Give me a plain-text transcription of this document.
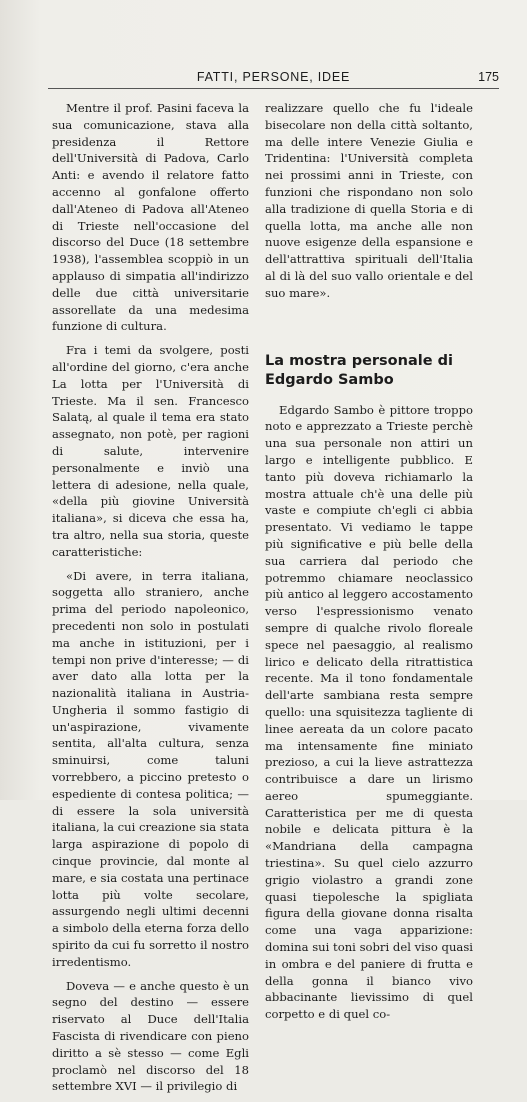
FATTI, PERSONE, IDEE	175

Mentre il prof. Pasini faceva la sua comunicazione, stava alla presidenza il Rettore dell'Università di Padova, Carlo Anti: e avendo il relatore fatto accenno al gonfalone offerto dall'Ateneo di Padova all'Ateneo di Trieste nell'occasione del discorso del Duce (18 settembre 1938), l'assemblea scoppiò in un applauso di simpatia all'indirizzo delle due città universitarie assorellate da una medesima funzione di cultura.

Fra i temi da svolgere, posti all'ordine del giorno, c'era anche La lotta per l'Università di Trieste. Ma il sen. Francesco Salatą, al quale il tema era stato assegnato, non potè, per ragioni di salute, intervenire personalmente e inviò una lettera di adesione, nella quale, «della più giovine Università italiana», si diceva che essa ha, tra altro, nella sua storia, queste caratteristiche:

«Di avere, in terra italiana, soggetta allo straniero, anche prima del periodo napoleonico, precedenti non solo in postulati ma anche in istituzioni, per i tempi non prive d'interesse; — di aver dato alla lotta per la nazionalità italiana in Austria-Ungheria il sommo fastigio di un'aspirazione, vivamente sentita, all'alta cultura, senza sminuirsi, come taluni vorrebbero, a piccino pretesto o espediente di contesa politica; — di essere la sola università italiana, la cui creazione sia stata larga aspirazione di popolo di cinque provincie, dal monte al mare, e sia costata una pertinace lotta più volte secolare, assurgendo negli ultimi decenni a simbolo della eterna forza dello spirito da cui fu sorretto il nostro irredentismo.

Doveva — e anche questo è un segno del destino — essere riservato al Duce dell'Italia Fascista di rivendicare con pieno diritto a sè stesso — come Egli proclamò nel discorso del 18 settembre XVI — il privilegio di

realizzare quello che fu l'ideale bisecolare non della città soltanto, ma delle intere Venezie Giulia e Tridentina: l'Università completa nei prossimi anni in Trieste, con funzioni che rispondano non solo alla tradizione di quella Storia e di quella lotta, ma anche alle non nuove esigenze della espansione e dell'attrattiva spirituali dell'Italia al di là del suo vallo orientale e del suo mare».

La mostra personale di Edgardo Sambo

Edgardo Sambo è pittore troppo noto e apprezzato a Trieste perchè una sua personale non attiri un largo e intelligente pubblico. E tanto più doveva richiamarlo la mostra attuale ch'è una delle più vaste e compiute ch'egli ci abbia presentato. Vi vediamo le tappe più significative e più belle della sua carriera dal periodo che potremmo chiamare neoclassico più antico al leggero accostamento verso l'espressionismo venato sempre di qualche rivolo floreale spece nel paesaggio, al realismo lirico e delicato della ritrattistica recente. Ma il tono fondamentale dell'arte sambiana resta sempre quello: una squisitezza tagliente di linee aereata da un colore pacato ma intensamente fine miniato prezioso, a cui la lieve astrattezza contribuisce a dare un lirismo aereo spumeggiante. Caratteristica per me di questa nobile e delicata pittura è la «Mandriana della campagna triestina». Su quel cielo azzurro grigio violastro a grandi zone quasi tiepolesche la spigliata figura della giovane donna risalta come una vaga apparizione: domina sui toni sobri del viso quasi in ombra e del paniere di frutta e della gonna il bianco vivo abbacinante lievissimo di quel corpetto e di quel co-
